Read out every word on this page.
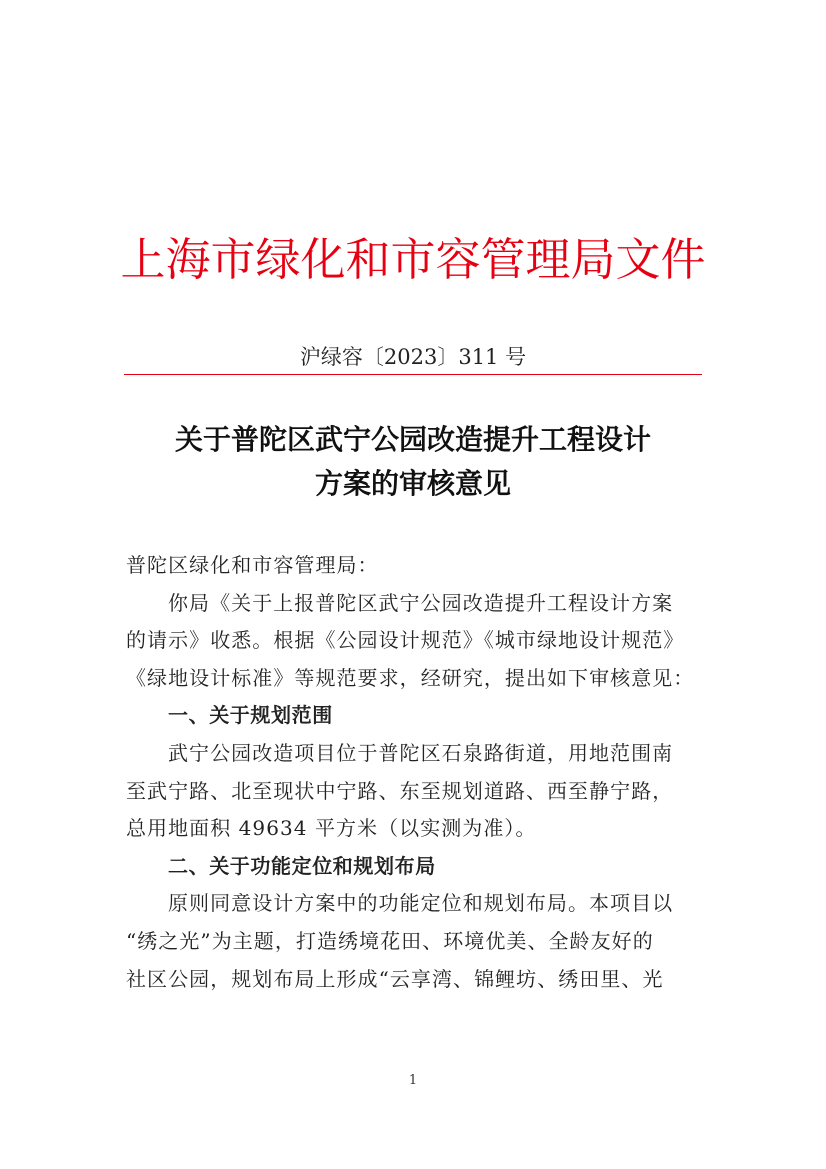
上海市绿化和市容管理局文件
沪绿容〔2023〕311 号
关于普陀区武宁公园改造提升工程设计
方案的审核意见
普陀区绿化和市容管理局：
你局《关于上报普陀区武宁公园改造提升工程设计方案
的请示》收悉。根据《公园设计规范》《城市绿地设计规范》
《绿地设计标准》等规范要求，经研究，提出如下审核意见：
一、关于规划范围
武宁公园改造项目位于普陀区石泉路街道，用地范围南
至武宁路、北至现状中宁路、东至规划道路、西至静宁路，
总用地面积 49634 平方米（以实测为准）。
二、关于功能定位和规划布局
原则同意设计方案中的功能定位和规划布局。本项目以
“绣之光”为主题，打造绣境花田、环境优美、全龄友好的
社区公园，规划布局上形成“云享湾、锦鲤坊、绣田里、光
1
